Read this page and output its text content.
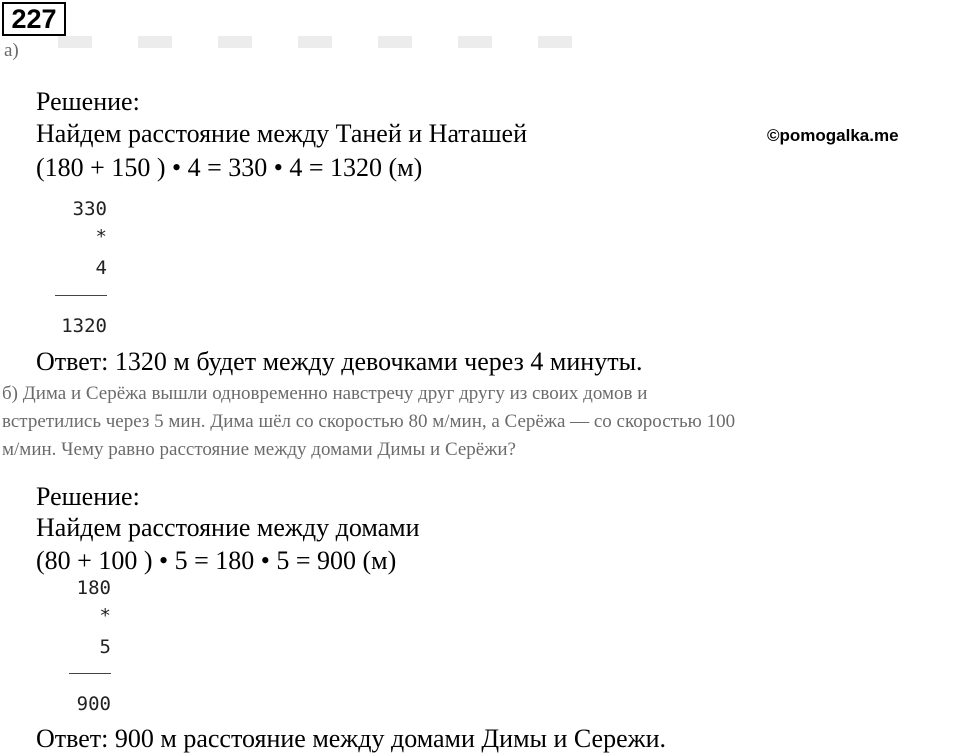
227
а)
Решение:
Найдем расстояние между Таней и Наташей	©pomogalka.me
(180 + 150 ) • 4 = 330 • 4 = 1320 (м)
330
*
4
1320
Ответ: 1320 м будет между девочками через 4 минуты.
б) Дима и Серёжа вышли одновременно навстречу друг другу из своих домов и
встретились через 5 мин. Дима шёл со скоростью 80 м/мин, а Серёжа — со скоростью 100
м/мин. Чему равно расстояние между домами Димы и Серёжи?
Решение:
Найдем расстояние между домами
(80 + 100 ) • 5 = 180 • 5 = 900 (м)
180
*
5
900
Ответ: 900 м расстояние между домами Димы и Сережи.
